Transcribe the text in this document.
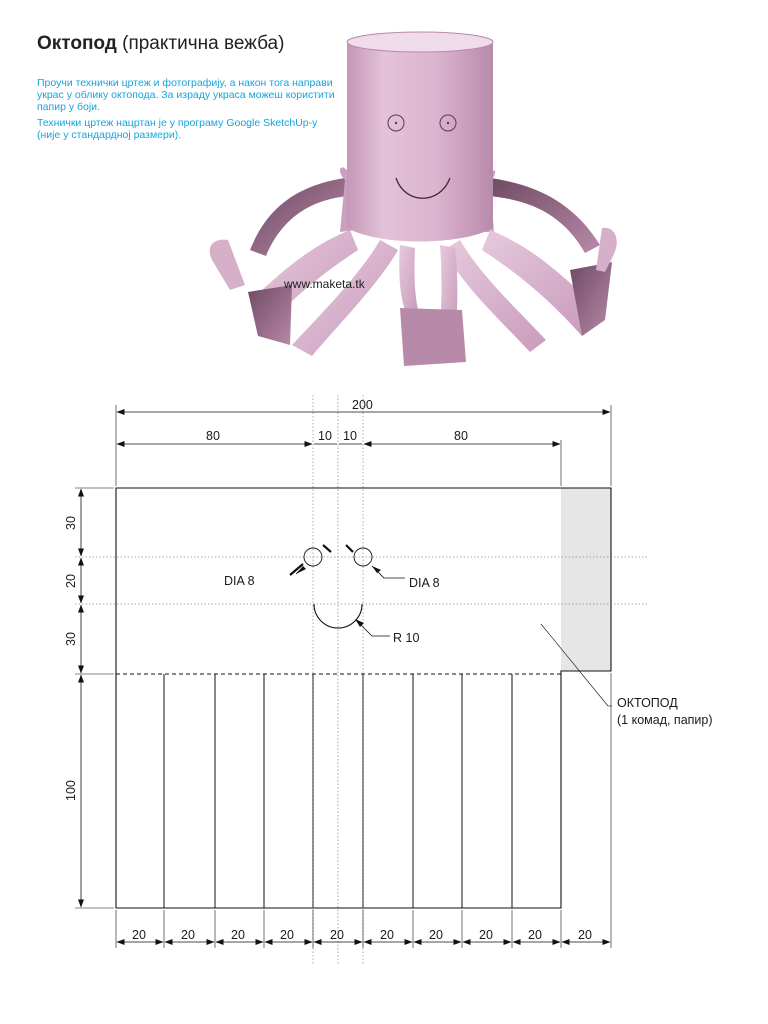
Октопод (практична вежба)

Проучи технички цртеж и фотографију, а након тога направи украс у облику октопода. За израду украса можеш користити папир у боји.

Технички цртеж нацртан је у програму Google SketchUp-у (није у стандардној размери).

www.maketa.tk
200
80	10 10	80
30
20
30
100
20	20	20	20	20	20	20	20	20	20
DIA 8	DIA 8
R 10
ОКТОПОД
(1 комад, папир)
